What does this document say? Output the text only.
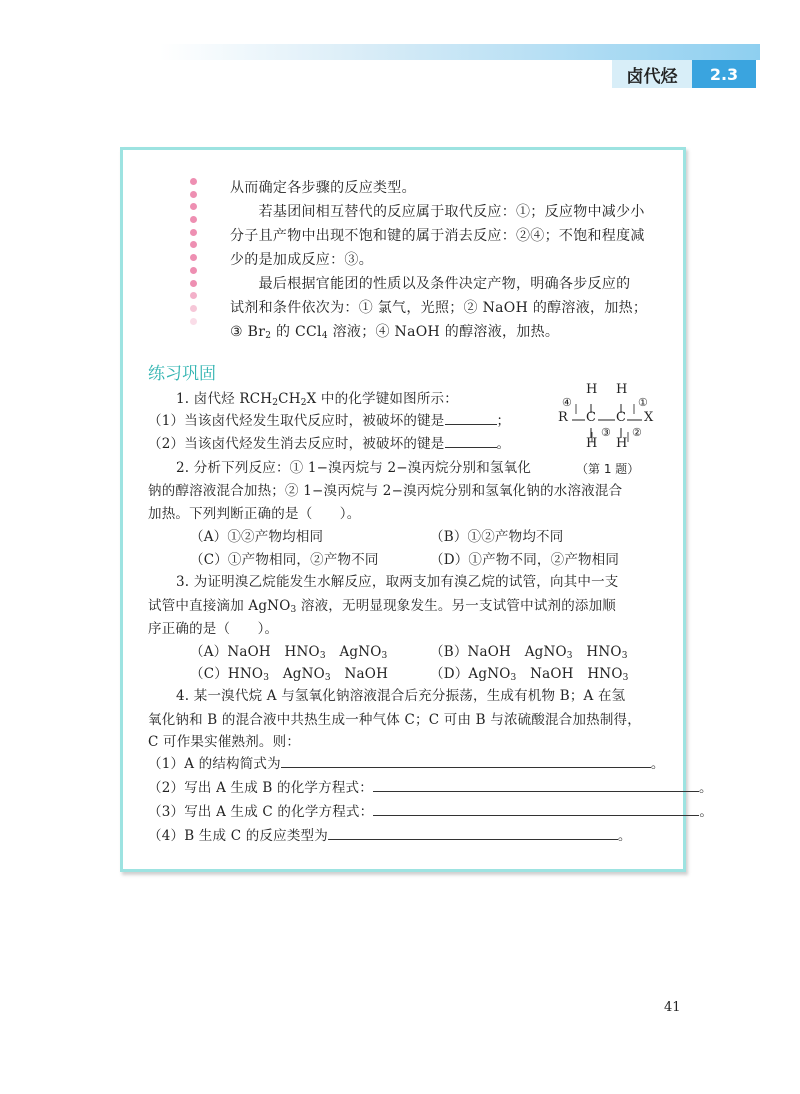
卤代烃	2.3
从而确定各步骤的反应类型。
　　若基团间相互替代的反应属于取代反应：①；反应物中减少小
分子且产物中出现不饱和键的属于消去反应：②④；不饱和程度减
少的是加成反应：③。
　　最后根据官能团的性质以及条件决定产物，明确各步反应的
试剂和条件依次为：① 氯气，光照；② NaOH 的醇溶液，加热；
③ $Br_2$ 的 CCl$_4$ 溶液；④ NaOH 的醇溶液，加热。
练习巩固
1. 卤代烃 $RCH_2CH_2X$ 中的化学键如图所示：
（1）当该卤代烃发生取代反应时，被破坏的键是	；
（2）当该卤代烃发生消去反应时，被破坏的键是	。
H H
R C C X
H H
④	①
③ ②
（第 1 题）
2. 分析下列反应：① 1−溴丙烷与 2−溴丙烷分别和氢氧化
钠的醇溶液混合加热；② 1−溴丙烷与 2−溴丙烷分别和氢氧化钠的水溶液混合
加热。下列判断正确的是（　　）。
（A）①②产物均相同	（B）①②产物均不同
（C）①产物相同，②产物不同	（D）①产物不同，②产物相同
3. 为证明溴乙烷能发生水解反应，取两支加有溴乙烷的试管，向其中一支
试管中直接滴加 AgNO$_3$ 溶液，无明显现象发生。另一支试管中试剂的添加顺
序正确的是（　　）。
（A）NaOH　$HNO_3$　AgNO$_3$	（B）NaOH　AgNO$_3$　$HNO_3$
$(C)HNO_3$　AgNO$_3$　NaOH	（D）AgNO$_3$　NaOH　$HNO_3$
4. 某一溴代烷 A 与氢氧化钠溶液混合后充分振荡，生成有机物 B；A 在氢
氧化钠和 B 的混合液中共热生成一种气体 C；C 可由 B 与浓硫酸混合加热制得，
C 可作果实催熟剂。则：
（1）A 的结构简式为	。
（2）写出 A 生成 B 的化学方程式：	。
（3）写出 A 生成 C 的化学方程式：	。
41
（4）B 生成 C 的反应类型为	。
